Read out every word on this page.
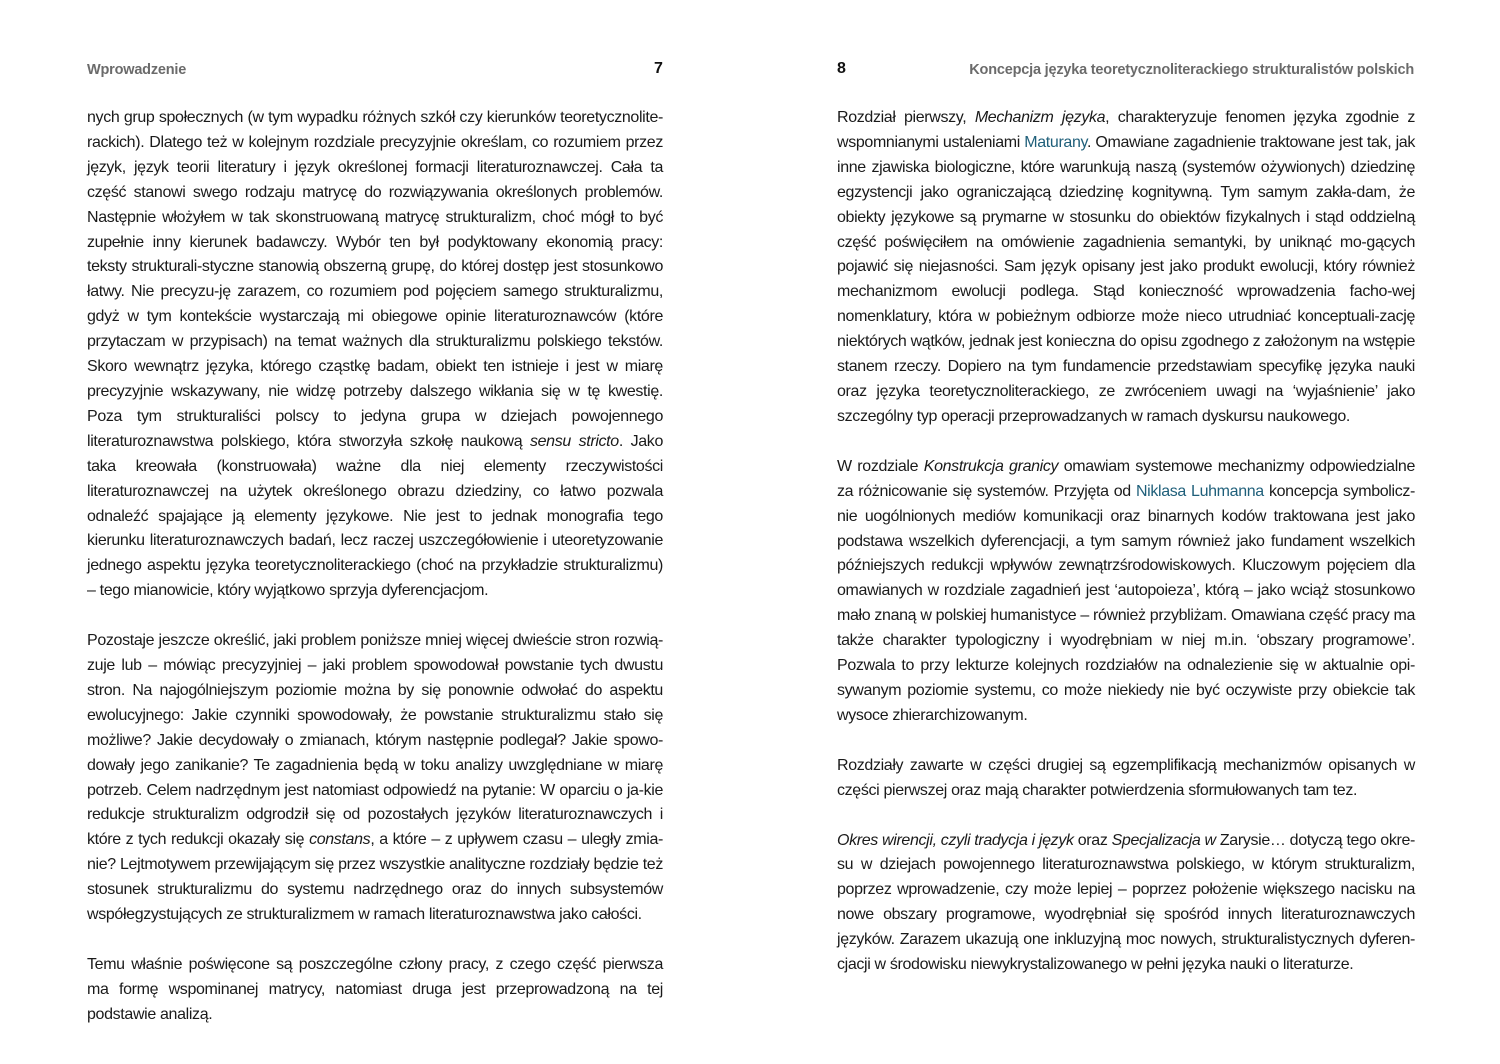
Wprowadzenie	7

nych grup społecznych (w tym wypadku różnych szkół czy kierunków teoretycznolite-rackich). Dlatego też w kolejnym rozdziale precyzyjnie określam, co rozumiem przez język, język teorii literatury i język określonej formacji literaturoznawczej. Cała ta część stanowi swego rodzaju matrycę do rozwiązywania określonych problemów. Następnie włożyłem w tak skonstruowaną matrycę strukturalizm, choć mógł to być zupełnie inny kierunek badawczy. Wybór ten był podyktowany ekonomią pracy: teksty strukturali-styczne stanowią obszerną grupę, do której dostęp jest stosunkowo łatwy. Nie precyzu-ję zarazem, co rozumiem pod pojęciem samego strukturalizmu, gdyż w tym kontekście wystarczają mi obiegowe opinie literaturoznawców (które przytaczam w przypisach) na temat ważnych dla strukturalizmu polskiego tekstów. Skoro wewnątrz języka, którego cząstkę badam, obiekt ten istnieje i jest w miarę precyzyjnie wskazywany, nie widzę potrzeby dalszego wikłania się w tę kwestię. Poza tym strukturaliści polscy to jedyna grupa w dziejach powojennego literaturoznawstwa polskiego, która stworzyła szkołę naukową sensu stricto. Jako taka kreowała (konstruowała) ważne dla niej elementy rzeczywistości literaturoznawczej na użytek określonego obrazu dziedziny, co łatwo pozwala odnaleźć spajające ją elementy językowe. Nie jest to jednak monografia tego kierunku literaturoznawczych badań, lecz raczej uszczegółowienie i uteoretyzowanie jednego aspektu języka teoretycznoliterackiego (choć na przykładzie strukturalizmu) – tego mianowicie, który wyjątkowo sprzyja dyferencjacjom.

Pozostaje jeszcze określić, jaki problem poniższe mniej więcej dwieście stron rozwią-zuje lub – mówiąc precyzyjniej – jaki problem spowodował powstanie tych dwustu stron. Na najogólniejszym poziomie można by się ponownie odwołać do aspektu ewolucyjnego: Jakie czynniki spowodowały, że powstanie strukturalizmu stało się możliwe? Jakie decydowały o zmianach, którym następnie podlegał? Jakie spowo-dowały jego zanikanie? Te zagadnienia będą w toku analizy uwzględniane w miarę potrzeb. Celem nadrzędnym jest natomiast odpowiedź na pytanie: W oparciu o ja-kie redukcje strukturalizm odgrodził się od pozostałych języków literaturoznawczych i które z tych redukcji okazały się constans, a które – z upływem czasu – uległy zmia-nie? Lejtmotywem przewijającym się przez wszystkie analityczne rozdziały będzie też stosunek strukturalizmu do systemu nadrzędnego oraz do innych subsystemów współegzystujących ze strukturalizmem w ramach literaturoznawstwa jako całości.

Temu właśnie poświęcone są poszczególne człony pracy, z czego część pierwsza ma formę wspominanej matrycy, natomiast druga jest przeprowadzoną na tej podstawie analizą.

8	Koncepcja języka teoretycznoliterackiego strukturalistów polskich

Rozdział pierwszy, Mechanizm języka, charakteryzuje fenomen języka zgodnie z wspomnianymi ustaleniami Maturany. Omawiane zagadnienie traktowane jest tak, jak inne zjawiska biologiczne, które warunkują naszą (systemów ożywionych) dziedzinę egzystencji jako ograniczającą dziedzinę kognitywną. Tym samym zakła-dam, że obiekty językowe są prymarne w stosunku do obiektów fizykalnych i stąd oddzielną część poświęciłem na omówienie zagadnienia semantyki, by uniknąć mo-gących pojawić się niejasności. Sam język opisany jest jako produkt ewolucji, który również mechanizmom ewolucji podlega. Stąd konieczność wprowadzenia facho-wej nomenklatury, która w pobieżnym odbiorze może nieco utrudniać konceptuali-zację niektórych wątków, jednak jest konieczna do opisu zgodnego z założonym na wstępie stanem rzeczy. Dopiero na tym fundamencie przedstawiam specyfikę języka nauki oraz języka teoretycznoliterackiego, ze zwróceniem uwagi na ‘wyjaśnienie’ jako szczególny typ operacji przeprowadzanych w ramach dyskursu naukowego.

W rozdziale Konstrukcja granicy omawiam systemowe mechanizmy odpowiedzialne za różnicowanie się systemów. Przyjęta od Niklasa Luhmanna koncepcja symbolicz-nie uogólnionych mediów komunikacji oraz binarnych kodów traktowana jest jako podstawa wszelkich dyferencjacji, a tym samym również jako fundament wszelkich późniejszych redukcji wpływów zewnątrzśrodowiskowych. Kluczowym pojęciem dla omawianych w rozdziale zagadnień jest ‘autopoieza’, którą – jako wciąż stosunkowo mało znaną w polskiej humanistyce – również przybliżam. Omawiana część pracy ma także charakter typologiczny i wyodrębniam w niej m.in. ‘obszary programowe’. Pozwala to przy lekturze kolejnych rozdziałów na odnalezienie się w aktualnie opi-sywanym poziomie systemu, co może niekiedy nie być oczywiste przy obiekcie tak wysoce zhierarchizowanym.

Rozdziały zawarte w części drugiej są egzemplifikacją mechanizmów opisanych w części pierwszej oraz mają charakter potwierdzenia sformułowanych tam tez.

Okres wirencji, czyli tradycja i język oraz Specjalizacja w Zarysie… dotyczą tego okre-su w dziejach powojennego literaturoznawstwa polskiego, w którym strukturalizm, poprzez wprowadzenie, czy może lepiej – poprzez położenie większego nacisku na nowe obszary programowe, wyodrębniał się spośród innych literaturoznawczych języków. Zarazem ukazują one inkluzyjną moc nowych, strukturalistycznych dyferen-cjacji w środowisku niewykrystalizowanego w pełni języka nauki o literaturze.
